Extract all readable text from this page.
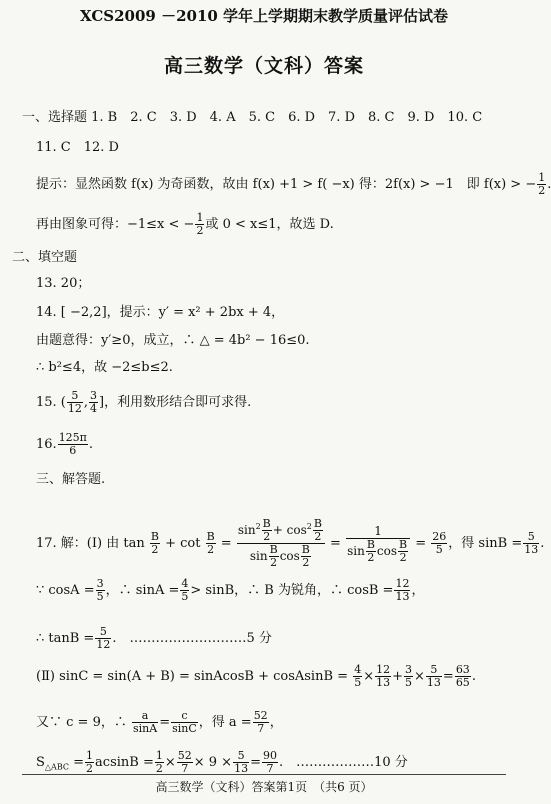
XCS2009 －2010 学年上学期期末教学质量评估试卷
高三数学（文科）答案
一、选择题 1. B　2. C　3. D　4. A　5. C　6. D　7. D　8. C　9. D　10. C
11. C　12. D
提示：显然函数 f(x) 为奇函数，故由 f(x) +1 > f( −x) 得：2f(x) > −1　即 f(x) > − $\frac{1}{2}$ .
再由图象可得：−1≤x < − $\frac{1}{2}$ 或 0 < x≤1，故选 D.
二、填空题
13. 20；
14. [ −2,2]，提示：y′ = x² + 2bx + 4，
由题意得：y′≥0，成立，∴ △ = 4b² − 16≤0.
∴ b²≤4，故 −2≤b≤2.
15. ( $\frac{5}{12}$ , $\frac{3}{4}$ ]，利用数形结合即可求得.
16. $\frac{125\pi}{6}$ .
三、解答题.
17. 解：(Ⅰ) 由 $\tan \frac{B}{2} + \cot \frac{B}{2} = \frac{\sin^2 \frac{B}{2} + \cos^2 \frac{B}{2}}{\sin \frac{B}{2} \cos \frac{B}{2}} = \frac{1}{\sin \frac{B}{2} \cos \frac{B}{2}} = \frac{26}{5}$ ，得 $\sin B = \frac{5}{13}$ .
∵ $\cos A = \frac{3}{5}$ ，∴ $\sin A = \frac{4}{5} > \sin B$，∴ B 为锐角，∴ $\cos B = \frac{12}{13}$ ，
∴ $\tan B = \frac{5}{12}$ .　………………………5 分
(Ⅱ) sinC = sin(A + B) = sinAcosB + cosAsinB = $\frac{4}{5} \times \frac{12}{13} + \frac{3}{5} \times \frac{5}{13} = \frac{63}{65}$ .
又∵ c = 9，∴ $\frac{a}{\sin A} = \frac{c}{\sin C}$ ，得 $a = \frac{52}{7}$ ，
$S_{\triangle ABC} = \frac{1}{2}$ $acsinB = \frac{1}{2} \times \frac{52}{7} \times 9 \times \frac{5}{13} = \frac{90}{7}$ .　………………10 分
高三数学（文科）答案第1页　（共6 页）
